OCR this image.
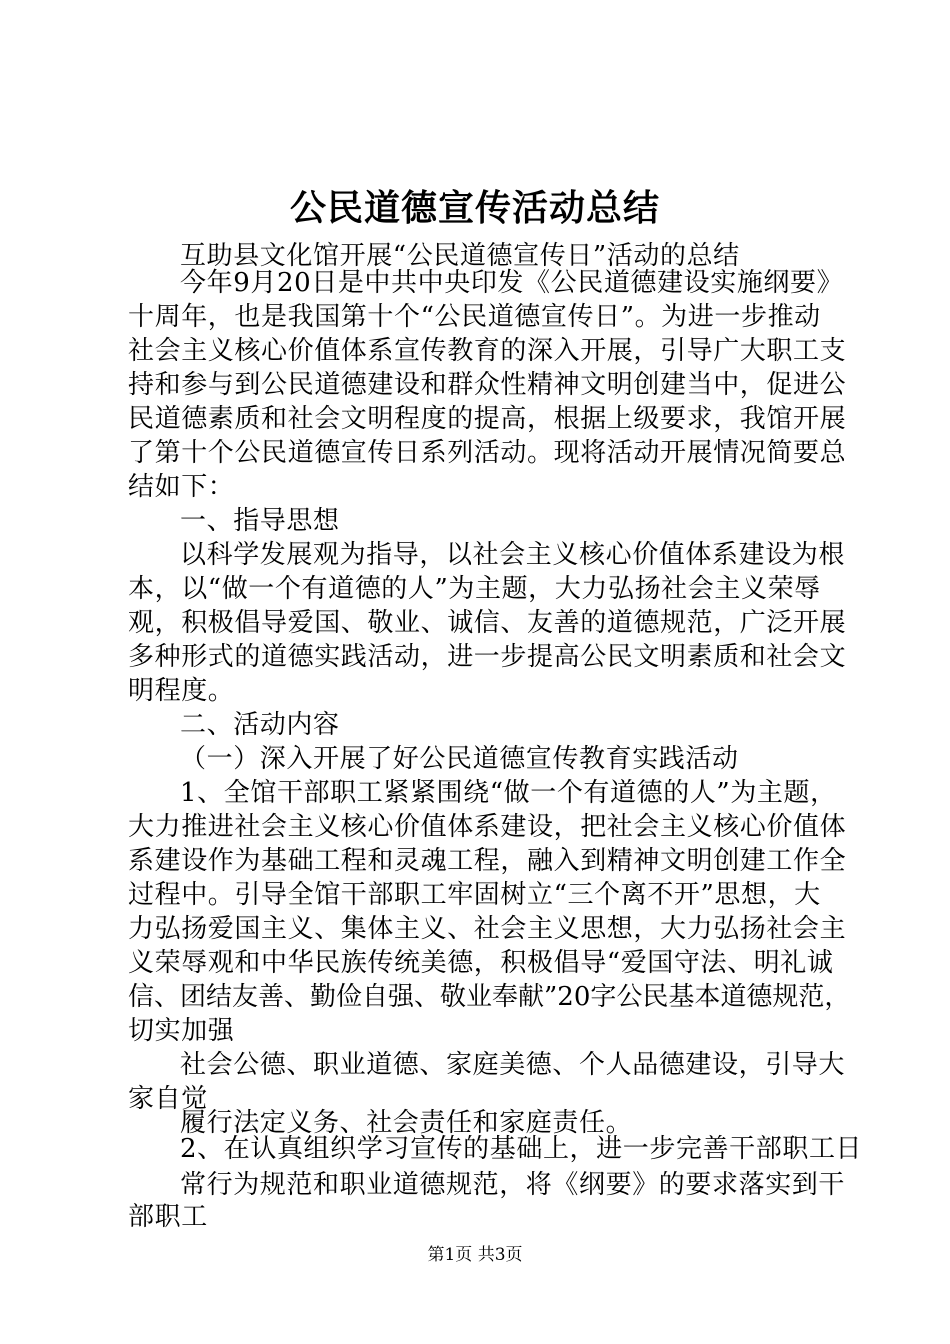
公民道德宣传活动总结
互助县文化馆开展“公民道德宣传日”活动的总结
今年9月20日是中共中央印发《公民道德建设实施纲要》
十周年，也是我国第十个“公民道德宣传日”。为进一步推动
社会主义核心价值体系宣传教育的深入开展，引导广大职工支
持和参与到公民道德建设和群众性精神文明创建当中，促进公
民道德素质和社会文明程度的提高，根据上级要求，我馆开展
了第十个公民道德宣传日系列活动。现将活动开展情况简要总
结如下：
一、指导思想
以科学发展观为指导，以社会主义核心价值体系建设为根
本，以“做一个有道德的人”为主题，大力弘扬社会主义荣辱
观，积极倡导爱国、敬业、诚信、友善的道德规范，广泛开展
多种形式的道德实践活动，进一步提高公民文明素质和社会文
明程度。
二、活动内容
（一）深入开展了好公民道德宣传教育实践活动
1、全馆干部职工紧紧围绕“做一个有道德的人”为主题，
大力推进社会主义核心价值体系建设，把社会主义核心价值体
系建设作为基础工程和灵魂工程，融入到精神文明创建工作全
过程中。引导全馆干部职工牢固树立“三个离不开”思想，大
力弘扬爱国主义、集体主义、社会主义思想，大力弘扬社会主
义荣辱观和中华民族传统美德，积极倡导“爱国守法、明礼诚
信、团结友善、勤俭自强、敬业奉献”20字公民基本道德规范，
切实加强
社会公德、职业道德、家庭美德、个人品德建设，引导大
家自觉
履行法定义务、社会责任和家庭责任。
2、在认真组织学习宣传的基础上，进一步完善干部职工日
常行为规范和职业道德规范，将《纲要》的要求落实到干
部职工
第1页 共3页
